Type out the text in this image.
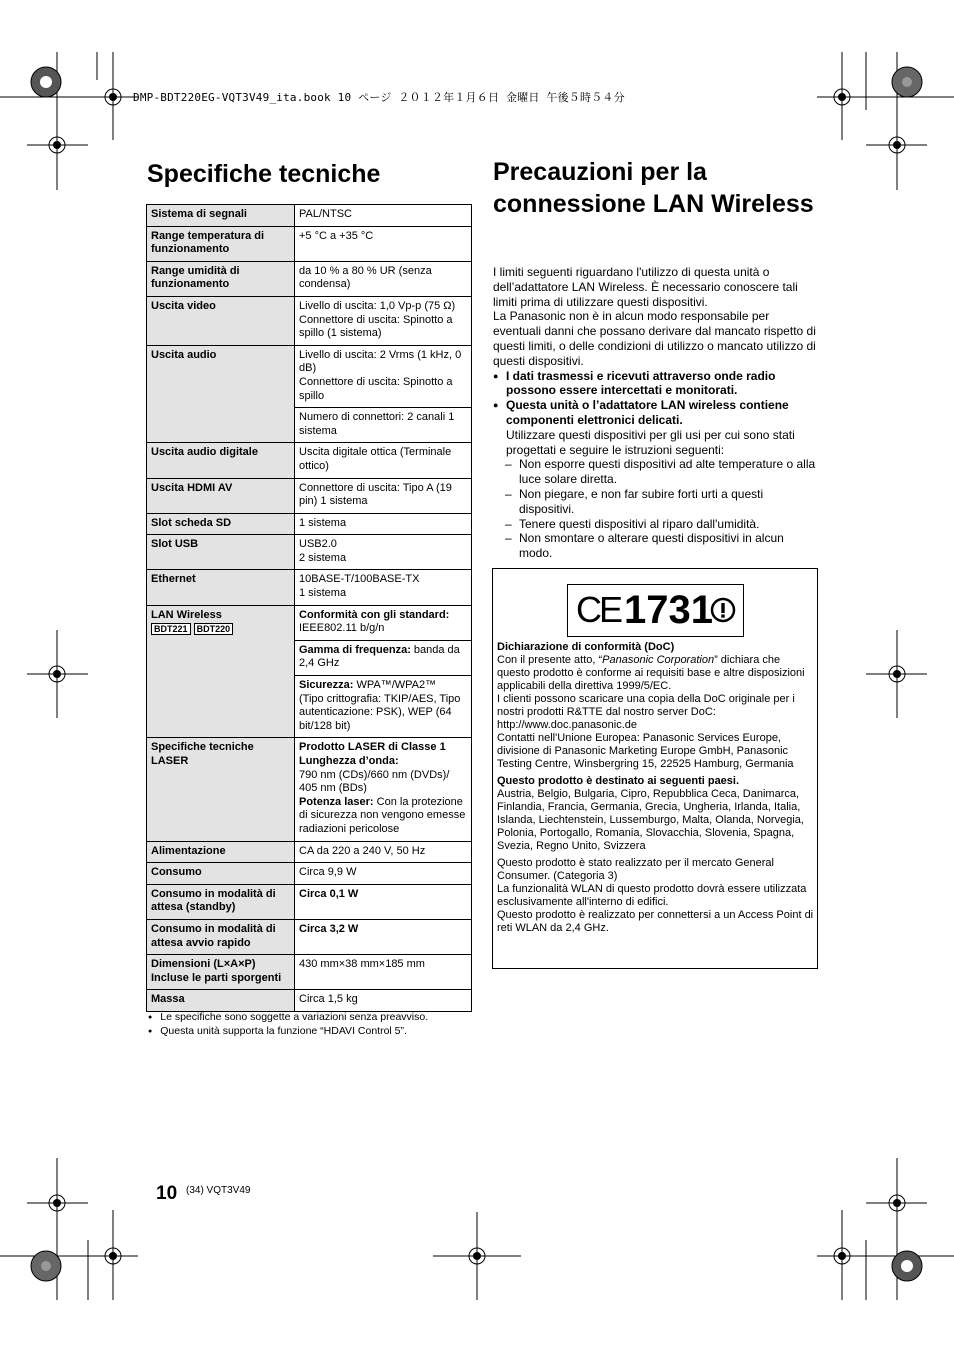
DMP-BDT220EG-VQT3V49_ita.book 10 ページ ２０１２年１月６日 金曜日 午後５時５４分
Specifiche tecniche
Sistema di segnali	PAL/NTSC
Range temperatura di funzionamento	+5 °C a +35 °C
Range umidità di funzionamento	da 10 % a 80 % UR (senza condensa)
Uscita video	Livello di uscita: 1,0 Vp-p (75 Ω) Connettore di uscita: Spinotto a spillo (1 sistema)
Uscita audio	Livello di uscita: 2 Vrms (1 kHz, 0 dB)
Connettore di uscita: Spinotto a spillo
	Numero di connettori: 2 canali 1 sistema
Uscita audio digitale	Uscita digitale ottica (Terminale ottico)
Uscita HDMI AV	Connettore di uscita: Tipo A (19 pin) 1 sistema
Slot scheda SD	1 sistema
Slot USB	USB2.0
2 sistema
Ethernet	10BASE-T/100BASE-TX
1 sistema
LAN Wireless
BDT221 BDT220	Conformità con gli standard:
IEEE802.11 b/g/n
	Gamma di frequenza: banda da 2,4 GHz
	Sicurezza: WPA™/WPA2™
(Tipo crittografia: TKIP/AES, Tipo autenticazione: PSK), WEP (64 bit/128 bit)
Specifiche tecniche LASER	Prodotto LASER di Classe 1
Lunghezza d’onda:
790 nm (CDs)/660 nm (DVDs)/ 405 nm (BDs)
Potenza laser: Con la protezione di sicurezza non vengono emesse radiazioni pericolose
Alimentazione	CA da 220 a 240 V, 50 Hz
Consumo	Circa 9,9 W
Consumo in modalità di attesa (standby)	Circa 0,1 W
Consumo in modalità di attesa avvio rapido	Circa 3,2 W
Dimensioni (L×A×P) Incluse le parti sporgenti	430 mm×38 mm×185 mm
Massa	Circa 1,5 kg
● Le specifiche sono soggette a variazioni senza preavviso.
● Questa unità supporta la funzione “HDAVI Control 5”.
Precauzioni per la connessione LAN Wireless

I limiti seguenti riguardano l'utilizzo di questa unità o dell’adattatore LAN Wireless. È necessario conoscere tali limiti prima di utilizzare questi dispositivi.

La Panasonic non è in alcun modo responsabile per eventuali danni che possano derivare dal mancato rispetto di questi limiti, o delle condizioni di utilizzo o mancato utilizzo di questi dispositivi.

● I dati trasmessi e ricevuti attraverso onde radio possono essere intercettati e monitorati.

● Questa unità o l’adattatore LAN wireless contiene componenti elettronici delicati.

Utilizzare questi dispositivi per gli usi per cui sono stati progettati e seguire le istruzioni seguenti:

– Non esporre questi dispositivi ad alte temperature o alla luce solare diretta.

– Non piegare, e non far subire forti urti a questi dispositivi.

– Tenere questi dispositivi al riparo dall'umidità.

– Non smontare o alterare questi dispositivi in alcun modo.

CE 1731

Dichiarazione di conformità (DoC)

Con il presente atto, “Panasonic Corporation” dichiara che questo prodotto è conforme ai requisiti base e altre disposizioni applicabili della direttiva 1999/5/EC.

I clienti possono scaricare una copia della DoC originale per i nostri prodotti R&TTE dal nostro server DoC:

http://www.doc.panasonic.de

Contatti nell'Unione Europea: Panasonic Services Europe, divisione di Panasonic Marketing Europe GmbH, Panasonic Testing Centre, Winsbergring 15, 22525 Hamburg, Germania

Questo prodotto è destinato ai seguenti paesi.

Austria, Belgio, Bulgaria, Cipro, Repubblica Ceca, Danimarca, Finlandia, Francia, Germania, Grecia, Ungheria, Irlanda, Italia, Islanda, Liechtenstein, Lussemburgo, Malta, Olanda, Norvegia, Polonia, Portogallo, Romania, Slovacchia, Slovenia, Spagna, Svezia, Regno Unito, Svizzera

Questo prodotto è stato realizzato per il mercato General Consumer. (Categoria 3)

La funzionalità WLAN di questo prodotto dovrà essere utilizzata esclusivamente all'interno di edifici.

Questo prodotto è realizzato per connettersi a un Access Point di reti WLAN da 2,4 GHz.

10 (34) VQT3V49
